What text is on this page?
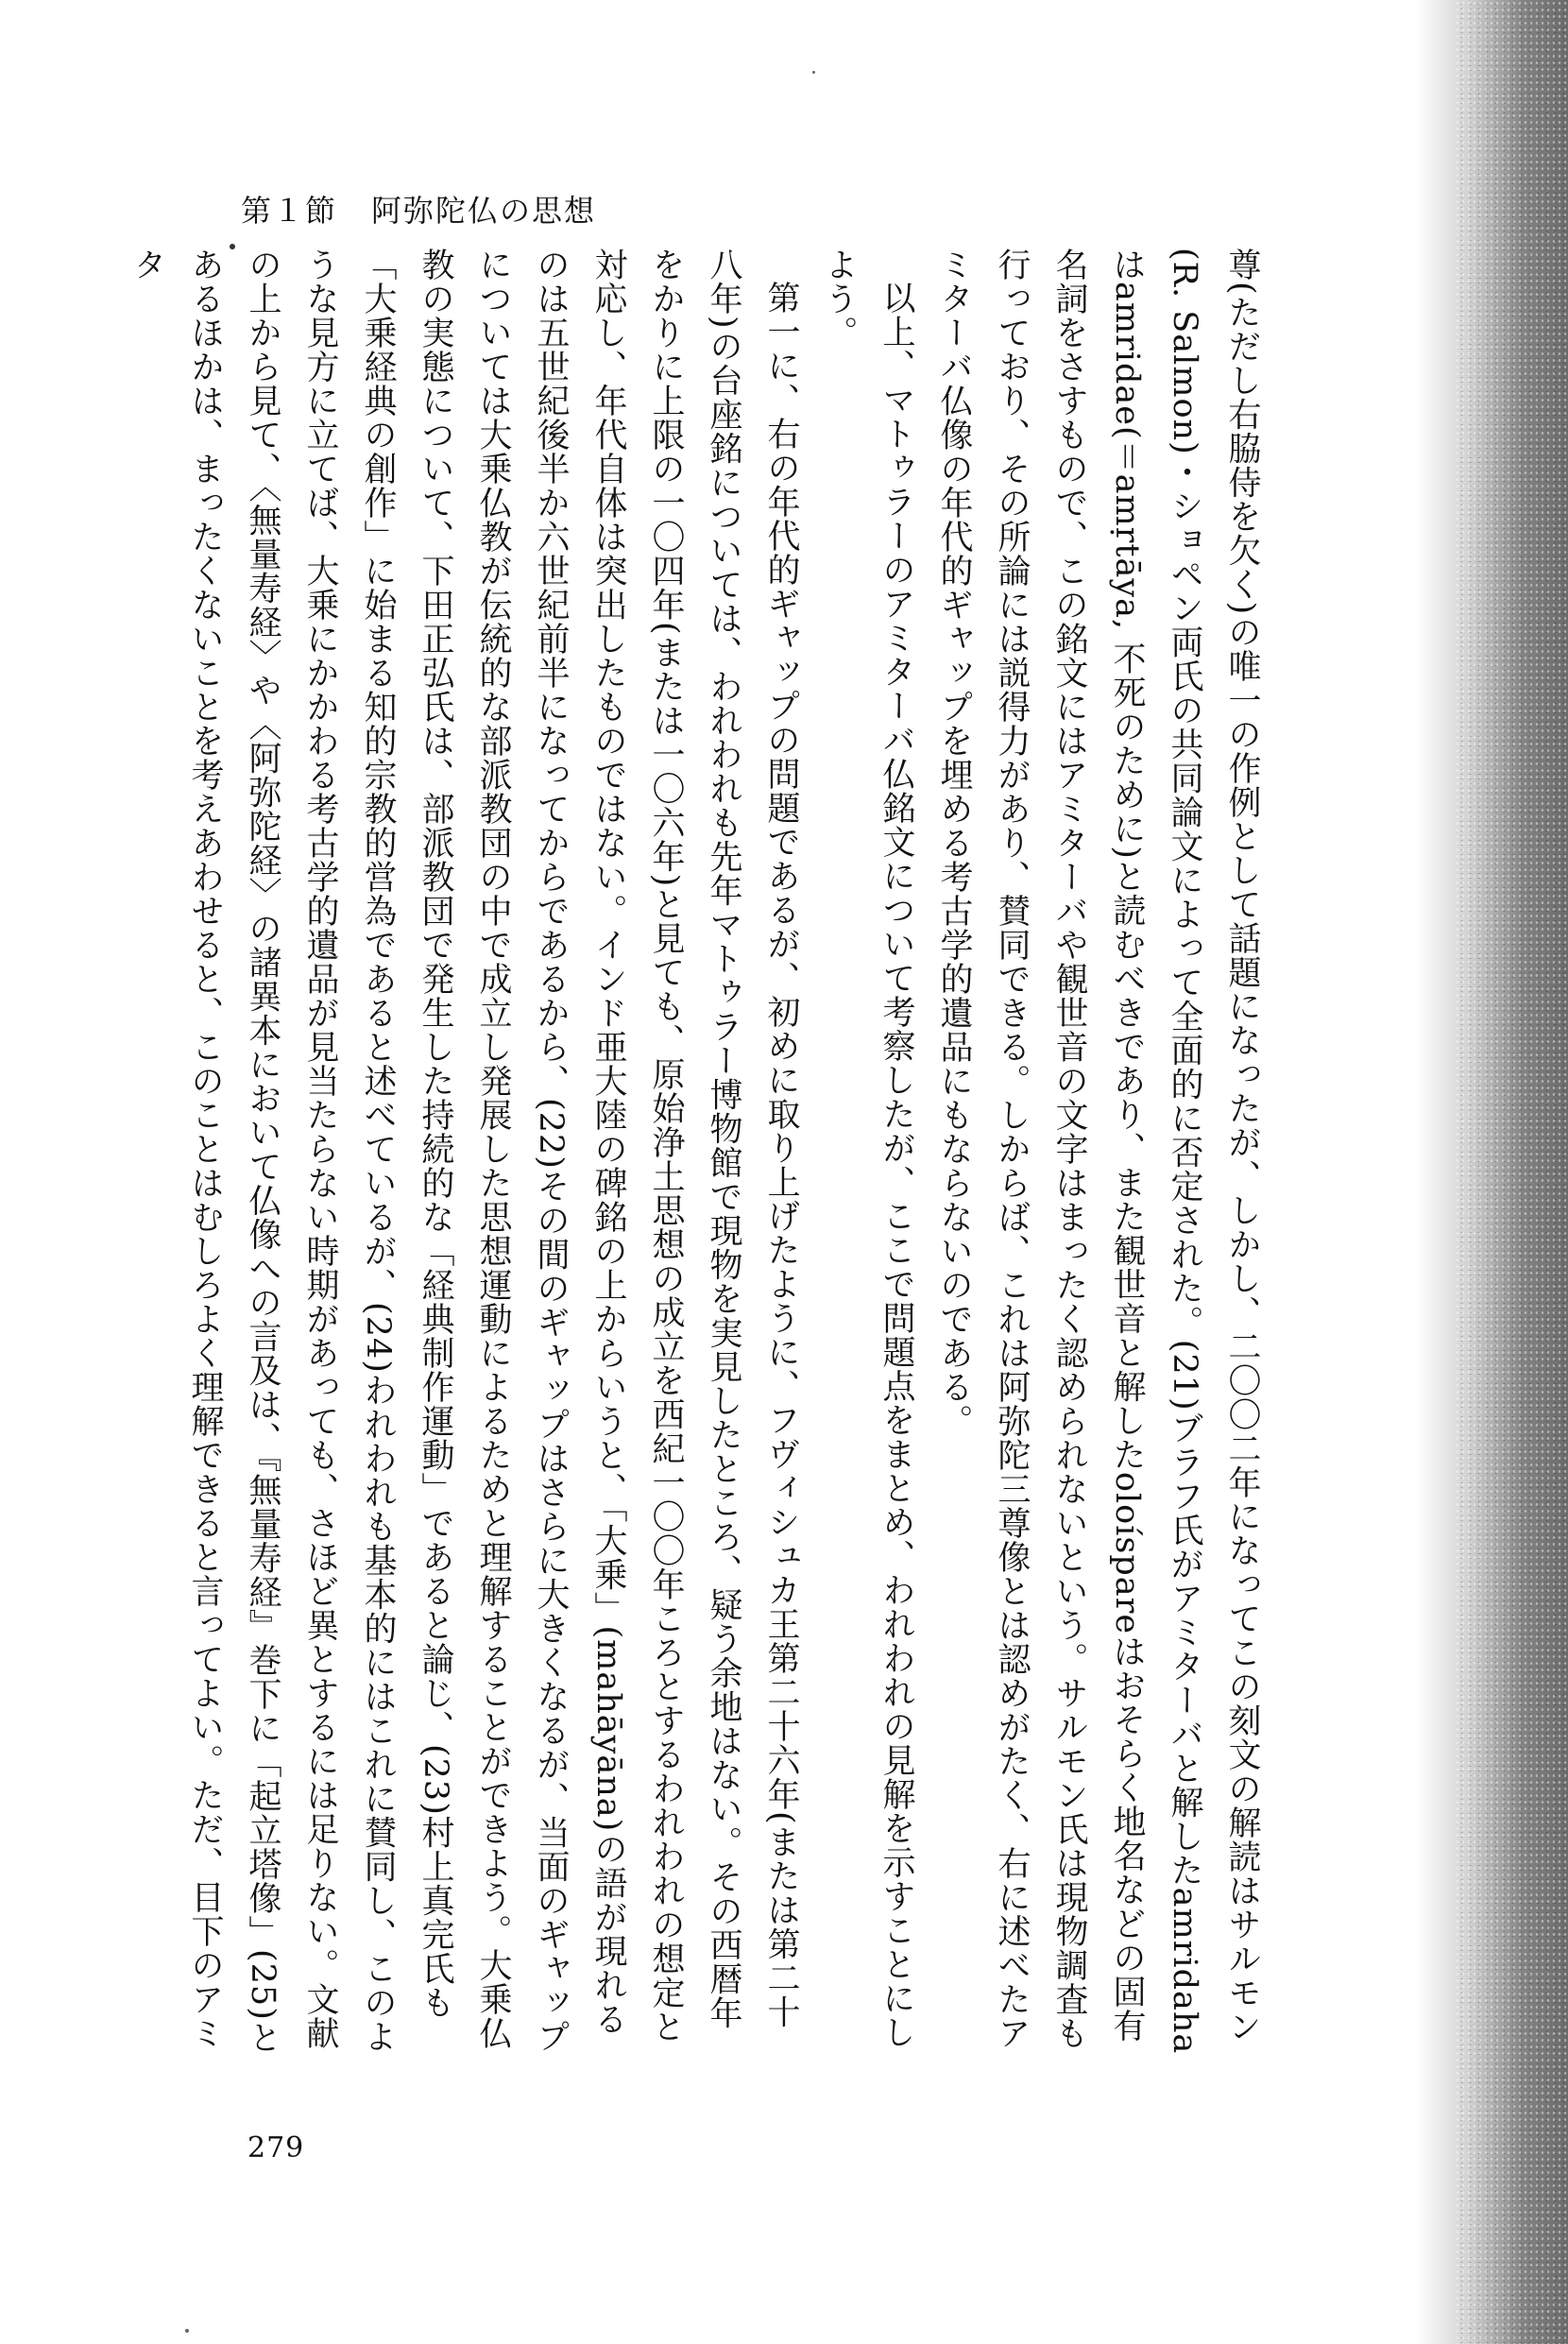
第１節 阿弥陀仏の思想

尊(ただし右脇侍を欠く)の唯一の作例として話題になったが、しかし、二〇〇二年になってこの刻文の解読はサルモン(R. Salmon)・ショペン両氏の共同論文によって全面的に否定された。(21)ブラフ氏がアミターバと解したamridahaはamridae(＝amṛtāya, 不死のために)と読むべきであり、また観世音と解したoloíspareはおそらく地名などの固有名詞をさすもので、この銘文にはアミターバや観世音の文字はまったく認められないという。サルモン氏は現物調査も行っており、その所論には説得力があり、賛同できる。しからば、これは阿弥陀三尊像とは認めがたく、右に述べたアミターバ仏像の年代的ギャップを埋める考古学的遺品にもならないのである。

以上、マトゥラーのアミターバ仏銘文について考察したが、ここで問題点をまとめ、われわれの見解を示すことにしよう。

第一に、右の年代的ギャップの問題であるが、初めに取り上げたように、フヴィシュカ王第二十六年(または第二十八年)の台座銘については、われわれも先年マトゥラー博物館で現物を実見したところ、疑う余地はない。その西暦年をかりに上限の一〇四年(または一〇六年)と見ても、原始浄土思想の成立を西紀一〇〇年ころとするわれわれの想定と対応し、年代自体は突出したものではない。インド亜大陸の碑銘の上からいうと、「大乗」(mahāyāna)の語が現れるのは五世紀後半か六世紀前半になってからであるから、(22)その間のギャップはさらに大きくなるが、当面のギャップについては大乗仏教が伝統的な部派教団の中で成立し発展した思想運動によるためと理解することができよう。大乗仏教の実態について、下田正弘氏は、部派教団で発生した持続的な「経典制作運動」であると論じ、(23)村上真完氏も「大乗経典の創作」に始まる知的宗教的営為であると述べているが、(24)われわれも基本的にはこれに賛同し、このような見方に立てば、大乗にかかわる考古学的遺品が見当たらない時期があっても、さほど異とするには足りない。文献の上から見て、〈無量寿経〉や〈阿弥陀経〉の諸異本において仏像への言及は、『無量寿経』巻下に「起立塔像」(25)とあるほかは、まったくないことを考えあわせると、このことはむしろよく理解できると言ってよい。ただ、目下のアミタ

279
